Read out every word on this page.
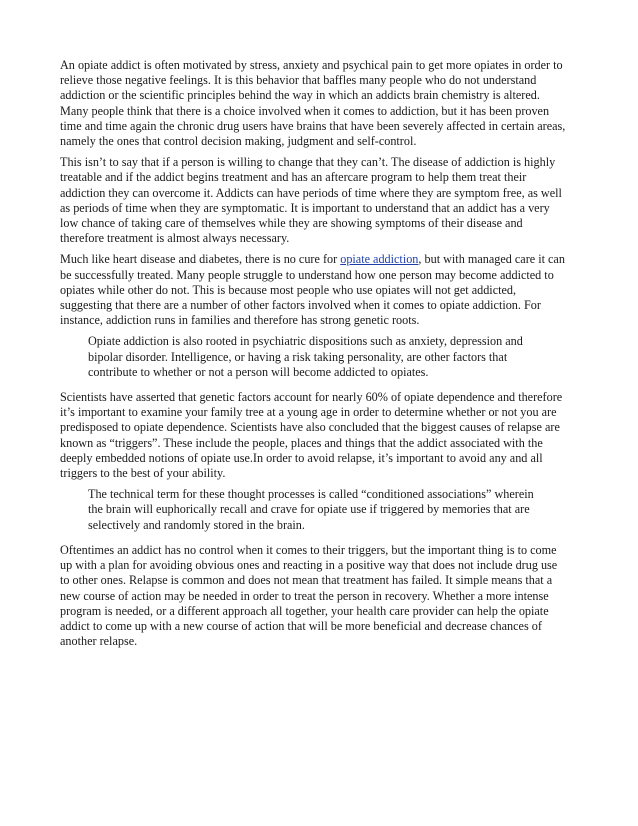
An opiate addict is often motivated by stress, anxiety and psychical pain to get more opiates in order to
relieve those negative feelings. It is this behavior that baffles many people who do not understand
addiction or the scientific principles behind the way in which an addicts brain chemistry is altered.
Many people think that there is a choice involved when it comes to addiction, but it has been proven
time and time again the chronic drug users have brains that have been severely affected in certain areas,
namely the ones that control decision making, judgment and self-control.

This isn’t to say that if a person is willing to change that they can’t. The disease of addiction is highly
treatable and if the addict begins treatment and has an aftercare program to help them treat their
addiction they can overcome it. Addicts can have periods of time where they are symptom free, as well
as periods of time when they are symptomatic. It is important to understand that an addict has a very
low chance of taking care of themselves while they are showing symptoms of their disease and
therefore treatment is almost always necessary.

Much like heart disease and diabetes, there is no cure for opiate addiction, but with managed care it can
be successfully treated. Many people struggle to understand how one person may become addicted to
opiates while other do not. This is because most people who use opiates will not get addicted,
suggesting that there are a number of other factors involved when it comes to opiate addiction. For
instance, addiction runs in families and therefore has strong genetic roots.

Opiate addiction is also rooted in psychiatric dispositions such as anxiety, depression and
bipolar disorder. Intelligence, or having a risk taking personality, are other factors that
contribute to whether or not a person will become addicted to opiates.

Scientists have asserted that genetic factors account for nearly 60% of opiate dependence and therefore
it’s important to examine your family tree at a young age in order to determine whether or not you are
predisposed to opiate dependence. Scientists have also concluded that the biggest causes of relapse are
known as “triggers”. These include the people, places and things that the addict associated with the
deeply embedded notions of opiate use.In order to avoid relapse, it’s important to avoid any and all
triggers to the best of your ability.

The technical term for these thought processes is called “conditioned associations” wherein
the brain will euphorically recall and crave for opiate use if triggered by memories that are
selectively and randomly stored in the brain.

Oftentimes an addict has no control when it comes to their triggers, but the important thing is to come
up with a plan for avoiding obvious ones and reacting in a positive way that does not include drug use
to other ones. Relapse is common and does not mean that treatment has failed. It simple means that a
new course of action may be needed in order to treat the person in recovery. Whether a more intense
program is needed, or a different approach all together, your health care provider can help the opiate
addict to come up with a new course of action that will be more beneficial and decrease chances of
another relapse.
